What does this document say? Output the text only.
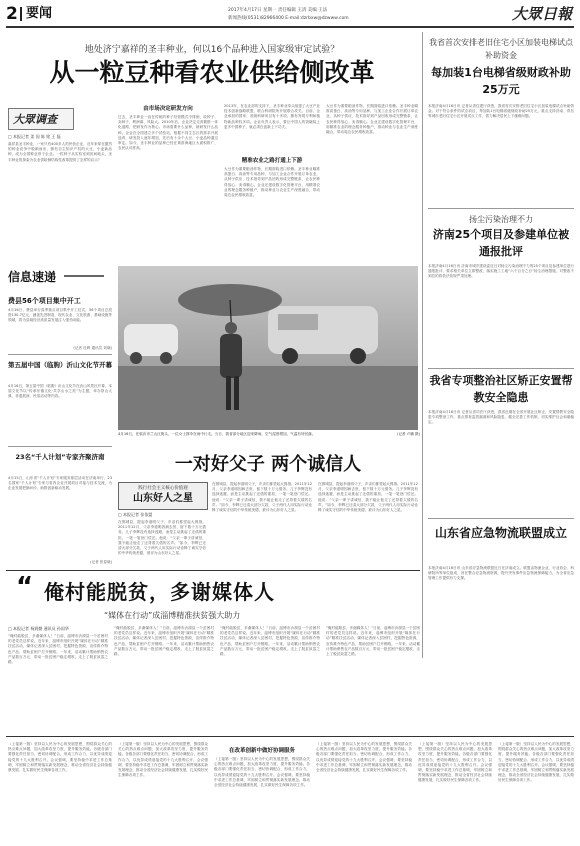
2 要闻	2017年4月17日 星期一 责任编辑 王清 美编 王法
新闻热线(0531)82966400 E-mail:dzrbxw@dzwww.com	大眾日報
地处济宁嘉祥的圣丰种业，何以16个品种进入国家级审定试验？
从一粒豆种看农业供给侧改革
大眾调查
□ 本报记者 姜 国 陈 铭 王 磊
嘉祥县圣丰种业，一家只有400多人的民营企业，近年来却在激烈的种业竞争中脱颖而出，拥有自主知识产权的大豆、小麦新品种，成为全国种业骨干企业。一粒种子从实验室到田间地头，圣丰种业的探索为农业供给侧结构性改革提供了怎样的启示？
由市场决定研发方向
过去，圣丰种业一直在传统的种子经营模式中徘徊，收种子、卖种子，利润薄、风险大。2010年后，企业决定走育繁推一体化道路，把研发作为核心。市场需要什么品种，就研发什么品种。企业在全国建立多个试验站，根据不同生态区的需求开展选育，研发投入逐年增加，先后有十余个大豆、小麦品种通过审定。如今，圣丰种业的品种已经在黄淮海地区大面积推广，农民认可度高。
2013年，在农业部的支持下，圣丰种业牵头组建了大豆产业技术创新战略联盟，联合科研院所开展联合攻关。目前，企业承担的国家、省级科研项目有十多项，拥有发明专利和植物新品种权多项。企业负责人表示，要让中国人的饭碗装上更多中国种子，就必须在创新上下功夫。
精准农业之路打通上下游
大豆作为重要粮油作物，长期面临进口依赖。圣丰种业瞄准高蛋白、高油等专用品种，与加工企业合作开展订单农业，从种子供应、技术指导到产品回收形成完整链条，让农民种得放心、卖得顺心。企业还建设数字化管理平台，用精准农业的理念服务种植户，推动种业与农业生产深度融合，带动周边农民增收致富。
大豆作为重要粮油作物，长期面临进口依赖。圣丰种业瞄准高蛋白、高油等专用品种，与加工企业合作开展订单农业，从种子供应、技术指导到产品回收形成完整链条，让农民种得放心、卖得顺心。企业还建设数字化管理平台，用精准农业的理念服务种植户，推动种业与农业生产深度融合，带动周边农民增收致富。
信息速递
费县56个项目集中开工
4月16日，费县举行春季重点项目集中开工仪式，56个项目总投资130.7亿元，涵盖先进制造、现代农业、文化旅游、基础设施等领域，将为县域经济高质量发展注入强劲动能。
(记者 杜辉 通讯员 刘晓)
第五届中国（临朐）沂山文化节开幕
4月16日，第五届中国（临朐）沂山文化节在沂山风景区开幕，本届文化节以“传承东镇文化·共享山水之美”为主题，举办祭山大典、非遗展演、民俗活动等内容。
23名“千人计划”专家齐聚济南
4月15日，山东省“千人计划”专家服务基层活动在济南举行，23名国家“千人计划”专家与省内企业开展项目对接与技术交流，为企业发展把脉问诊，助推创新驱动发展。
(记者 张春晓)
4月16日，在临沂市兰山区街头，一位女士撑伞在雨中行走。当日，我省部分地区迎来降雨，空气湿度增加，气温有所回落。	(记者 卢鹏 摄)
一对好父子 两个诚信人
践行社会主义核心价值观
山东好人之星
□ 本报记者 张依盟
在鄄城县，提起李道明父子，乡亲们都竖起大拇指。2011年12月，父亲李道明因病去世，留下数十万元债务。儿子李辉没有选择逃避，而是主动挑起了还债的重担，一笔一笔登门偿还。他说：“父亲一辈子讲诚信，我不能让他走了还背着欠债的名声。”如今，李辉已还清大部分欠款，父子两代人用实际行动诠释了诚实守信的中华传统美德，被评为山东好人之星。
在鄄城县，提起李道明父子，乡亲们都竖起大拇指。2011年12月，父亲李道明因病去世，留下数十万元债务。儿子李辉没有选择逃避，而是主动挑起了还债的重担，一笔一笔登门偿还。他说：“父亲一辈子讲诚信，我不能让他走了还背着欠债的名声。”如今，李辉已还清大部分欠款，父子两代人用实际行动诠释了诚实守信的中华传统美德，被评为山东好人之星。
在鄄城县，提起李道明父子，乡亲们都竖起大拇指。2011年12月，父亲李道明因病去世，留下数十万元债务。儿子李辉没有选择逃避，而是主动挑起了还债的重担，一笔一笔登门偿还。他说：“父亲一辈子讲诚信，我不能让他走了还背着欠债的名声。”如今，李辉已还清大部分欠款，父子两代人用实际行动诠释了诚实守信的中华传统美德，被评为山东好人之星。
“ 俺村能脱贫，多谢媒体人
“媒体在行动”成淄博精准扶贫强大助力
□ 本报记者 杨润勤 通讯员 孙国华
“俺村能脱贫，多谢媒体人！”日前，淄博市沂源县一个贫困村的老党员这样说。近年来，淄博市组织开展“媒体在行动”精准扶贫活动，媒体记者深入贫困村，挖掘特色资源，宣传推介特色产品，帮助贫困户打开销路。一年来，活动累计帮助销售农产品数百万元，带动一批贫困户稳定增收，走上了脱贫致富之路。
“俺村能脱贫，多谢媒体人！”日前，淄博市沂源县一个贫困村的老党员这样说。近年来，淄博市组织开展“媒体在行动”精准扶贫活动，媒体记者深入贫困村，挖掘特色资源，宣传推介特色产品，帮助贫困户打开销路。一年来，活动累计帮助销售农产品数百万元，带动一批贫困户稳定增收，走上了脱贫致富之路。
“俺村能脱贫，多谢媒体人！”日前，淄博市沂源县一个贫困村的老党员这样说。近年来，淄博市组织开展“媒体在行动”精准扶贫活动，媒体记者深入贫困村，挖掘特色资源，宣传推介特色产品，帮助贫困户打开销路。一年来，活动累计帮助销售农产品数百万元，带动一批贫困户稳定增收，走上了脱贫致富之路。
“俺村能脱贫，多谢媒体人！”日前，淄博市沂源县一个贫困村的老党员这样说。近年来，淄博市组织开展“媒体在行动”精准扶贫活动，媒体记者深入贫困村，挖掘特色资源，宣传推介特色产品，帮助贫困户打开销路。一年来，活动累计帮助销售农产品数百万元，带动一批贫困户稳定增收，走上了脱贫致富之路。
我省首次安排老旧住宅小区加装电梯试点补助资金
每加装1台电梯省级财政补助25万元
本报济南4月16日讯 记者从省住建厅获悉，我省首次安排老旧住宅小区加装电梯试点补助资金。对于符合条件的试点项目，每加装1台电梯省级财政补助25万元，重点支持济南、青岛等城市老旧住宅小区开展试点工作，着力解决居民上下楼难问题。
扬尘污染治理不力
济南25个项目及参建单位被通报批评
本报济南4月16日讯 济南市城乡建设委近日对扬尘污染治理不力的25个项目及参建单位进行通报批评，要求相关单位立即整改，落实施工工地“六个百分之百”扬尘治理措施，对整改不到位的将依法依规严肃处理。
我省专项整治社区矫正安置帮教安全隐患
本报济南4月16日讯 记者从省司法厅获悉，我省近期在全省开展社区矫正、安置帮教安全隐患专项整治工作，重点排查监管漏洞和风险隐患，健全完善工作机制，切实维护社会和谐稳定。
山东省应急物流联盟成立
本报济南4月16日讯 山东省应急物流联盟近日在济南成立。联盟由物流企业、行业协会、科研院所等单位组成，旨在整合应急物流资源，提升突发事件应急物流保障能力，为全省应急管理工作提供有力支撑。
（上接第一版）坚持以人民为中心的发展思想，围绕群众关心的热点难点问题，加大改革攻坚力度，提升服务效能。各级各部门要强化责任担当，密切协调配合，形成工作合力，以优异成绩迎接党的十九大胜利召开。会议强调，要坚持稳中求进工作总基调，牢固树立和贯彻落实新发展理念，推动全省经济社会持续健康发展，扎实做好民生保障各项工作。
（上接第一版）坚持以人民为中心的发展思想，围绕群众关心的热点难点问题，加大改革攻坚力度，提升服务效能。各级各部门要强化责任担当，密切协调配合，形成工作合力，以优异成绩迎接党的十九大胜利召开。会议强调，要坚持稳中求进工作总基调，牢固树立和贯彻落实新发展理念，推动全省经济社会持续健康发展，扎实做好民生保障各项工作。
在改革创新中做好协调服务
（上接第一版）坚持以人民为中心的发展思想，围绕群众关心的热点难点问题，加大改革攻坚力度，提升服务效能。各级各部门要强化责任担当，密切协调配合，形成工作合力，以优异成绩迎接党的十九大胜利召开。会议强调，要坚持稳中求进工作总基调，牢固树立和贯彻落实新发展理念，推动全省经济社会持续健康发展，扎实做好民生保障各项工作。
（上接第一版）坚持以人民为中心的发展思想，围绕群众关心的热点难点问题，加大改革攻坚力度，提升服务效能。各级各部门要强化责任担当，密切协调配合，形成工作合力，以优异成绩迎接党的十九大胜利召开。会议强调，要坚持稳中求进工作总基调，牢固树立和贯彻落实新发展理念，推动全省经济社会持续健康发展，扎实做好民生保障各项工作。
（上接第一版）坚持以人民为中心的发展思想，围绕群众关心的热点难点问题，加大改革攻坚力度，提升服务效能。各级各部门要强化责任担当，密切协调配合，形成工作合力，以优异成绩迎接党的十九大胜利召开。会议强调，要坚持稳中求进工作总基调，牢固树立和贯彻落实新发展理念，推动全省经济社会持续健康发展，扎实做好民生保障各项工作。
（上接第一版）坚持以人民为中心的发展思想，围绕群众关心的热点难点问题，加大改革攻坚力度，提升服务效能。各级各部门要强化责任担当，密切协调配合，形成工作合力，以优异成绩迎接党的十九大胜利召开。会议强调，要坚持稳中求进工作总基调，牢固树立和贯彻落实新发展理念，推动全省经济社会持续健康发展，扎实做好民生保障各项工作。
